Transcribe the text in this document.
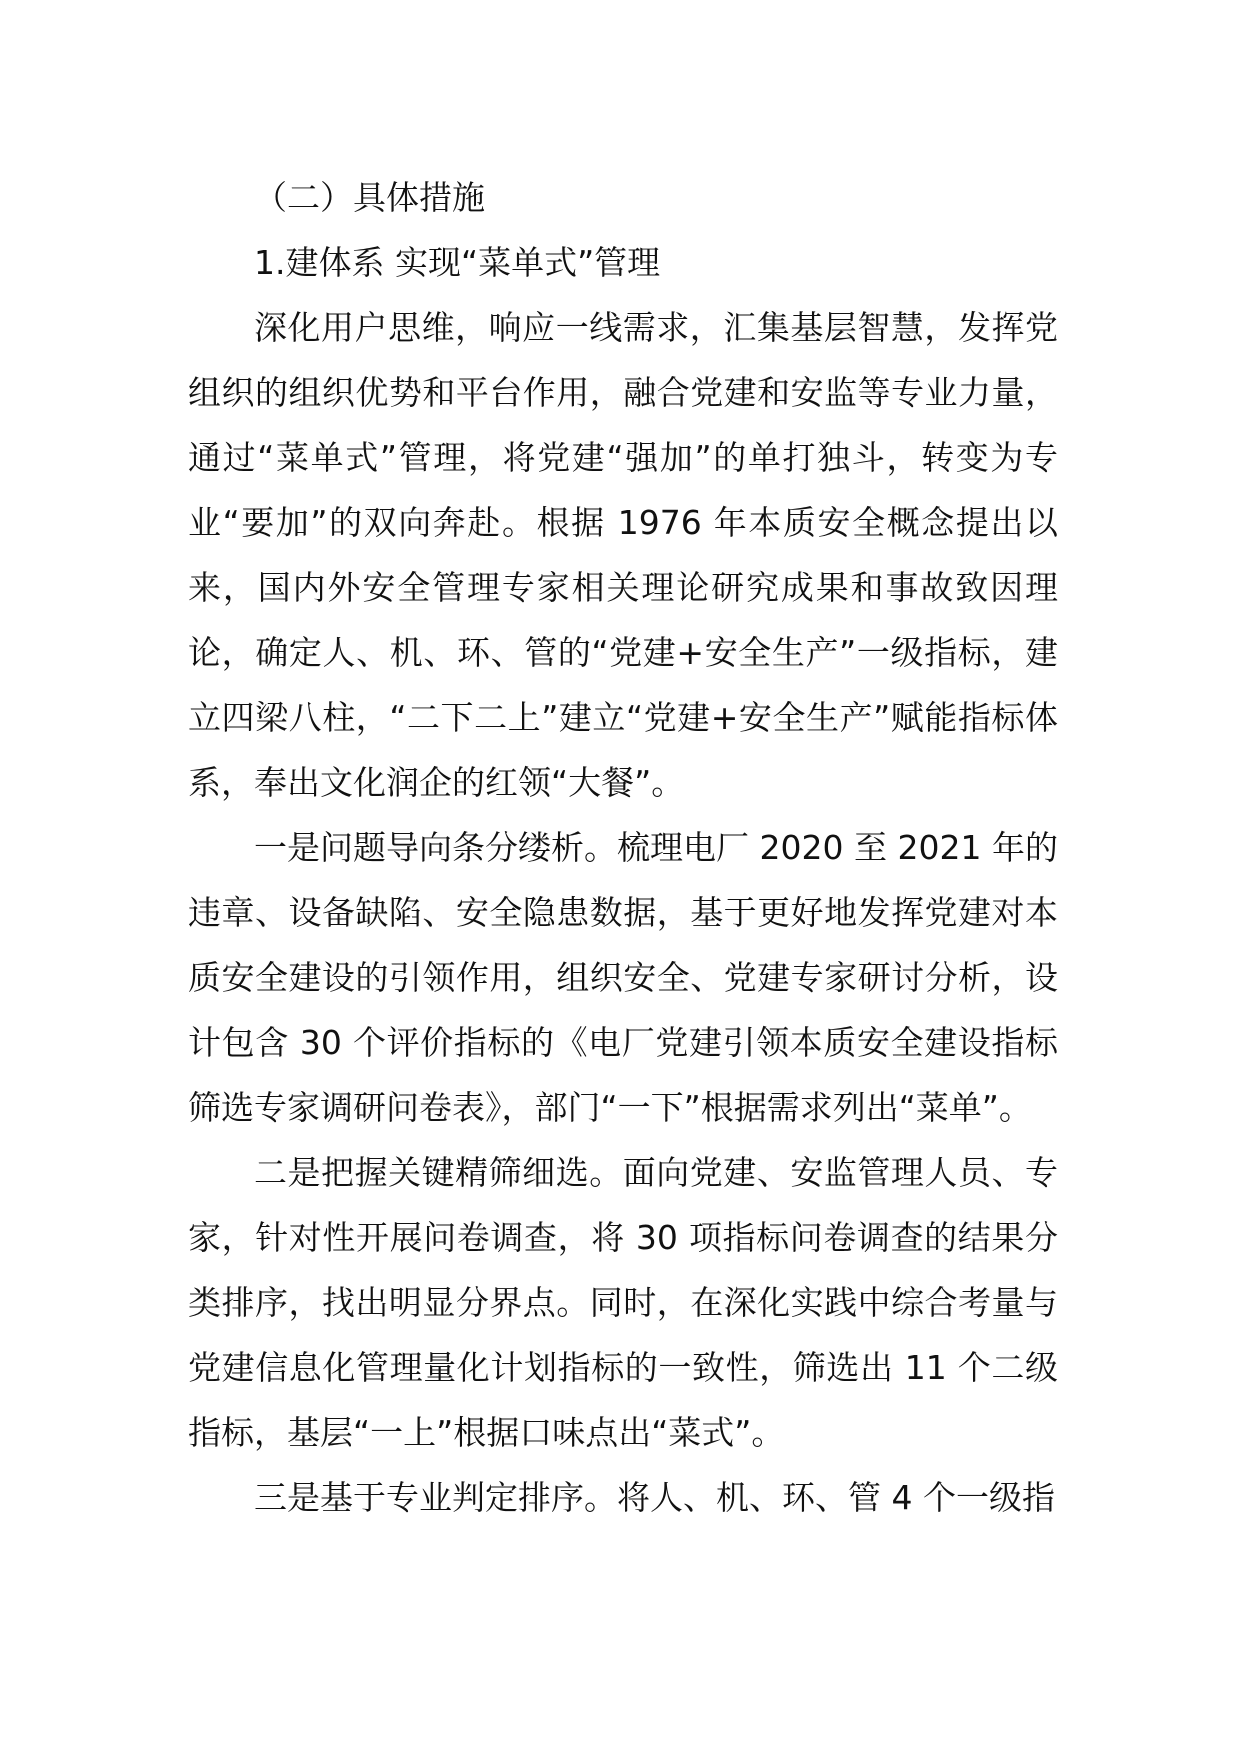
（二）具体措施

1.建体系 实现“菜单式”管理

深化用户思维，响应一线需求，汇集基层智慧，发挥党组织的组织优势和平台作用，融合党建和安监等专业力量，通过“菜单式”管理，将党建“强加”的单打独斗，转变为专业“要加”的双向奔赴。根据 1976 年本质安全概念提出以来，国内外安全管理专家相关理论研究成果和事故致因理论，确定人、机、环、管的“党建+安全生产”一级指标，建立四梁八柱，“二下二上”建立“党建+安全生产”赋能指标体系，奉出文化润企的红领“大餐”。

一是问题导向条分缕析。梳理电厂 2020 至 2021 年的违章、设备缺陷、安全隐患数据，基于更好地发挥党建对本质安全建设的引领作用，组织安全、党建专家研讨分析，设计包含 30 个评价指标的《电厂党建引领本质安全建设指标筛选专家调研问卷表》，部门“一下”根据需求列出“菜单”。

二是把握关键精筛细选。面向党建、安监管理人员、专家，针对性开展问卷调查，将 30 项指标问卷调查的结果分类排序，找出明显分界点。同时，在深化实践中综合考量与党建信息化管理量化计划指标的一致性，筛选出 11 个二级指标，基层“一上”根据口味点出“菜式”。

三是基于专业判定排序。将人、机、环、管 4 个一级指
